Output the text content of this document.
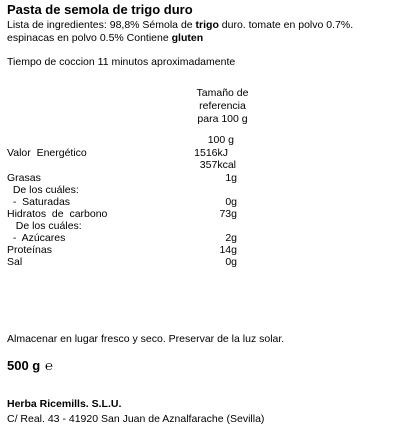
Pasta de semola de trigo duro
Lista de ingredientes: 98,8% Sémola de trigo duro. tomate en polvo 0.7%.
espinacas en polvo 0.5% Contiene gluten
Tiempo de coccion 11 minutos aproximadamente
Tamaño de referencia
para 100 g
100 g
Valor  Energético	1516kJ
357kcal
Grasas	1g
De los cuáles:
-  Saturadas	0g
Hidratos  de  carbono	73g
De los cuáles:
-  Azúcares	2g
Proteínas	14g
Sal	0g
Almacenar en lugar fresco y seco. Preservar de la luz solar.
500 g ℮
Herba Ricemills. S.L.U.
C/ Real. 43 - 41920 San Juan de Aznalfarache (Sevilla)
